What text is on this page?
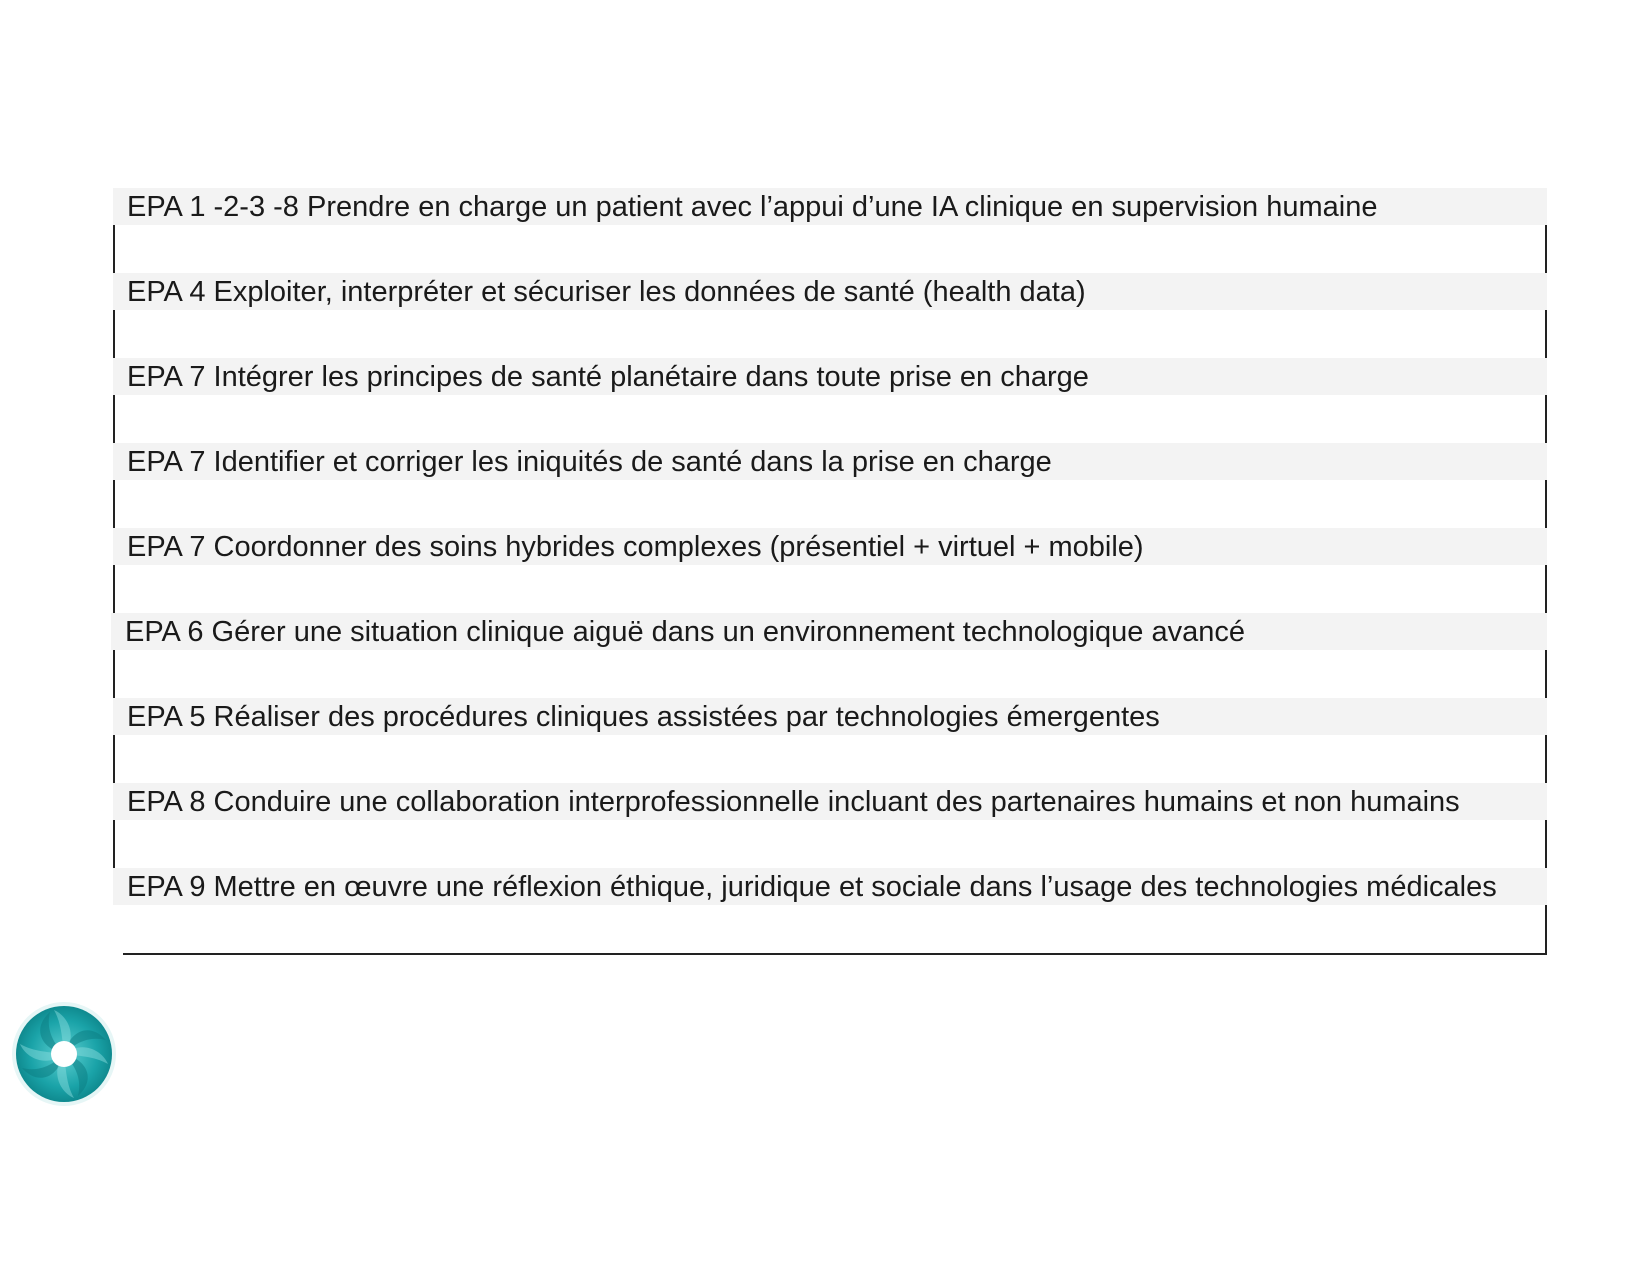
EPA 1 -2-3 -8 Prendre en charge un patient avec l’appui d’une IA clinique en supervision humaine
EPA 4 Exploiter, interpréter et sécuriser les données de santé (health data)
EPA 7 Intégrer les principes de santé planétaire dans toute prise en charge
EPA 7 Identifier et corriger les iniquités de santé dans la prise en charge
EPA 7 Coordonner des soins hybrides complexes (présentiel + virtuel + mobile)
EPA 6 Gérer une situation clinique aiguë dans un environnement technologique avancé
EPA 5 Réaliser des procédures cliniques assistées par technologies émergentes
EPA 8 Conduire une collaboration interprofessionnelle incluant des partenaires humains et non humains
EPA 9 Mettre en œuvre une réflexion éthique, juridique et sociale dans l’usage des technologies médicales
